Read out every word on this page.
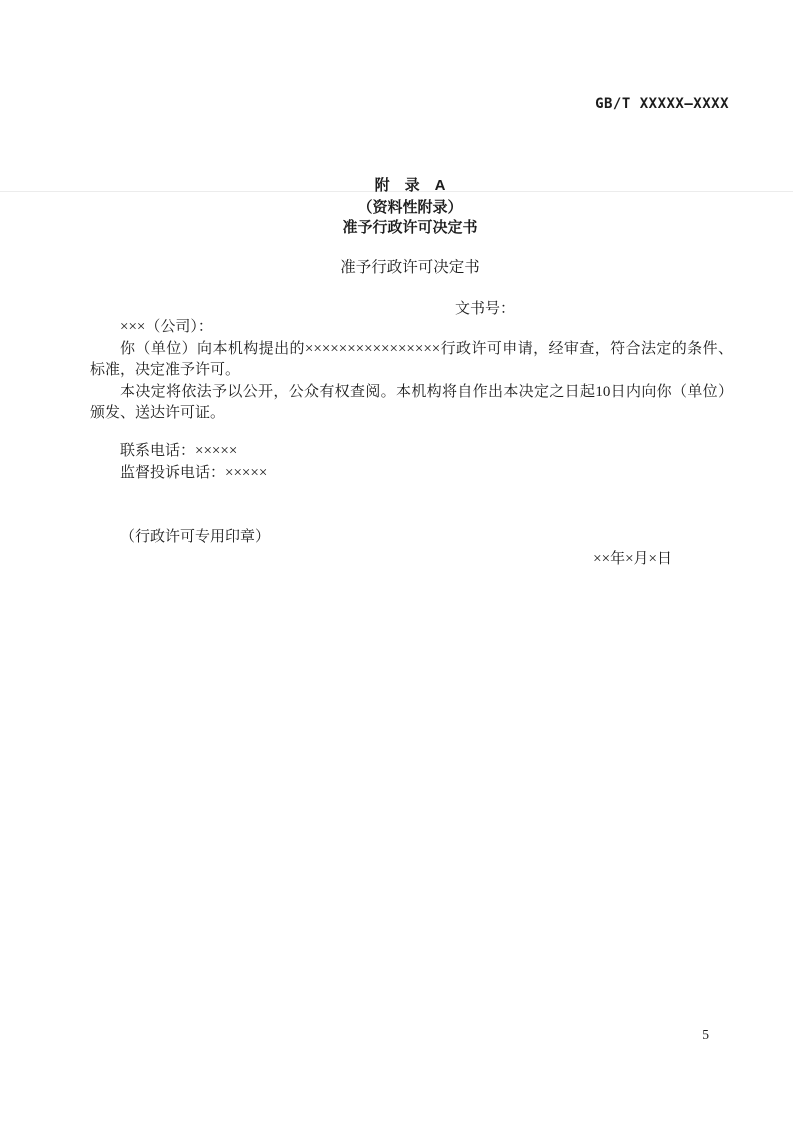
GB/T XXXXX—XXXX
附　录　A
（资料性附录）
准予行政许可决定书
准予行政许可决定书
文书号：

×××（公司）：

你（单位）向本机构提出的××××××××××××××××行政许可申请，经审查，符合法定的条件、标准，决定准予许可。

本决定将依法予以公开，公众有权查阅。本机构将自作出本决定之日起10日内向你（单位）颁发、送达许可证。

联系电话：×××××

监督投诉电话：×××××

（行政许可专用印章）
××年×月×日
5
